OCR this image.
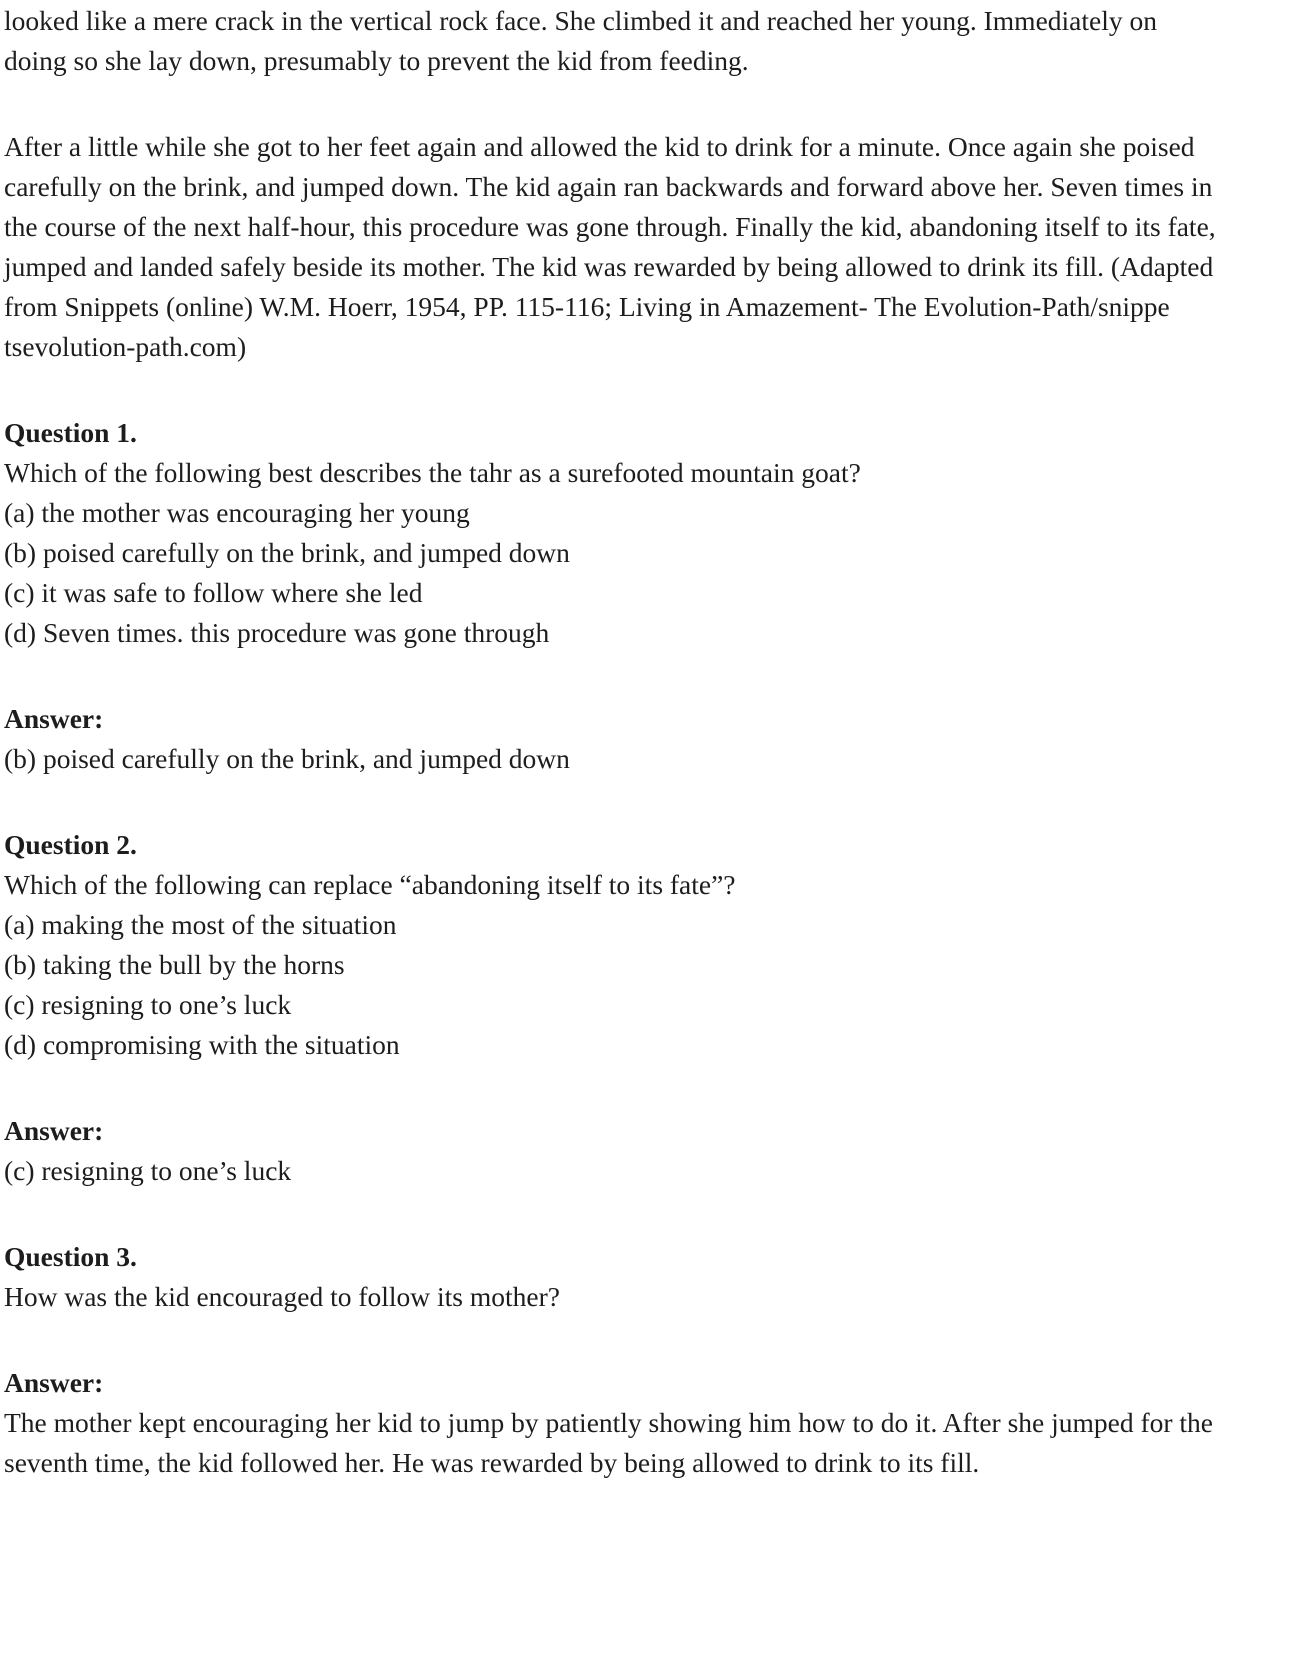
looked like a mere crack in the vertical rock face. She climbed it and reached her young. Immediately on doing so she lay down, presumably to prevent the kid from feeding.

After a little while she got to her feet again and allowed the kid to drink for a minute. Once again she poised carefully on the brink, and jumped down. The kid again ran backwards and forward above her. Seven times in the course of the next half-hour, this procedure was gone through. Finally the kid, abandoning itself to its fate, jumped and landed safely beside its mother. The kid was rewarded by being allowed to drink its fill. (Adapted from Snippets (online) W.M. Hoerr, 1954, PP. 115-116; Living in Amazement- The Evolution-Path/snippe tsevolution-path.com)

Question 1.

Which of the following best describes the tahr as a surefooted mountain goat?

(a) the mother was encouraging her young

(b) poised carefully on the brink, and jumped down

(c) it was safe to follow where she led

(d) Seven times. this procedure was gone through

Answer:

(b) poised carefully on the brink, and jumped down

Question 2.

Which of the following can replace “abandoning itself to its fate”?

(a) making the most of the situation

(b) taking the bull by the horns

(c) resigning to one’s luck

(d) compromising with the situation

Answer:

(c) resigning to one’s luck

Question 3.

How was the kid encouraged to follow its mother?

Answer:

The mother kept encouraging her kid to jump by patiently showing him how to do it. After she jumped for the seventh time, the kid followed her. He was rewarded by being allowed to drink to its fill.
